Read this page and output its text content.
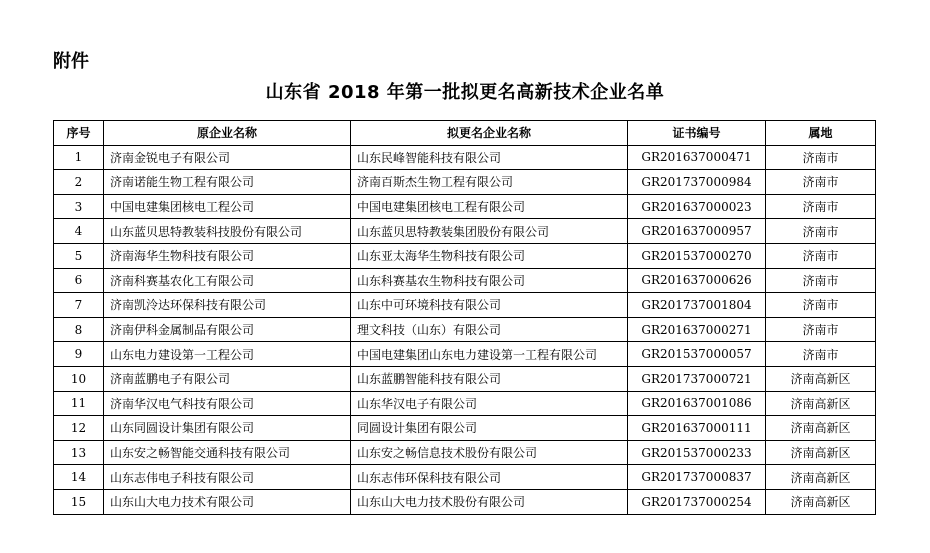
附件
山东省 2018 年第一批拟更名高新技术企业名单
序号	原企业名称	拟更名企业名称	证书编号	属地
1	济南金锐电子有限公司	山东民峰智能科技有限公司	GR201637000471	济南市
2	济南诺能生物工程有限公司	济南百斯杰生物工程有限公司	GR201737000984	济南市
3	中国电建集团核电工程公司	中国电建集团核电工程有限公司	GR201637000023	济南市
4	山东蓝贝思特教装科技股份有限公司	山东蓝贝思特教装集团股份有限公司	GR201637000957	济南市
5	济南海华生物科技有限公司	山东亚太海华生物科技有限公司	GR201537000270	济南市
6	济南科赛基农化工有限公司	山东科赛基农生物科技有限公司	GR201637000626	济南市
7	济南凯泠达环保科技有限公司	山东中可环境科技有限公司	GR201737001804	济南市
8	济南伊科金属制品有限公司	理文科技（山东）有限公司	GR201637000271	济南市
9	山东电力建设第一工程公司	中国电建集团山东电力建设第一工程有限公司	GR201537000057	济南市
10	济南蓝鹏电子有限公司	山东蓝鹏智能科技有限公司	GR201737000721	济南高新区
11	济南华汉电气科技有限公司	山东华汉电子有限公司	GR201637001086	济南高新区
12	山东同圆设计集团有限公司	同圆设计集团有限公司	GR201637000111	济南高新区
13	山东安之畅智能交通科技有限公司	山东安之畅信息技术股份有限公司	GR201537000233	济南高新区
14	山东志伟电子科技有限公司	山东志伟环保科技有限公司	GR201737000837	济南高新区
15	山东山大电力技术有限公司	山东山大电力技术股份有限公司	GR201737000254	济南高新区
